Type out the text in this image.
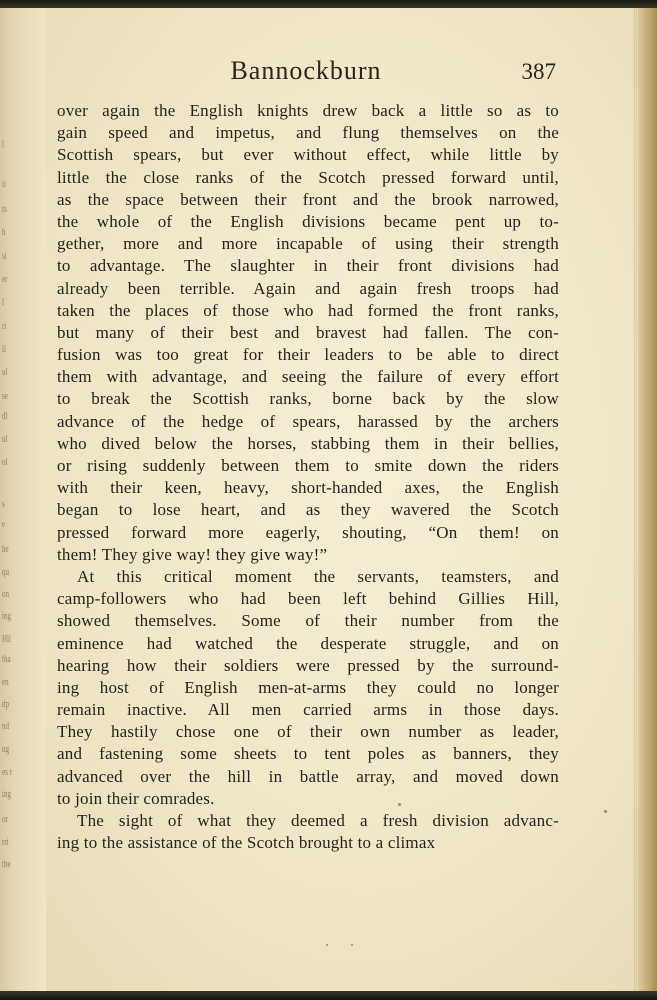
l
ti
ts
h
si
er
l
ri
il
ul
se
dl
ul
ol
s
e
he
qu
on
ing
Hil
tha
en
dp
nd
ug
es r
ing
or
rri
the
Bannockburn	387
over again the English knights drew back a little so as to
gain speed and impetus, and flung themselves on the
Scottish spears, but ever without effect, while little by
little the close ranks of the Scotch pressed forward until,
as the space between their front and the brook narrowed,
the whole of the English divisions became pent up to-
gether, more and more incapable of using their strength
to advantage. The slaughter in their front divisions had
already been terrible. Again and again fresh troops had
taken the places of those who had formed the front ranks,
but many of their best and bravest had fallen. The con-
fusion was too great for their leaders to be able to direct
them with advantage, and seeing the failure of every effort
to break the Scottish ranks, borne back by the slow
advance of the hedge of spears, harassed by the archers
who dived below the horses, stabbing them in their bellies,
or rising suddenly between them to smite down the riders
with their keen, heavy, short-handed axes, the English
began to lose heart, and as they wavered the Scotch
pressed forward more eagerly, shouting, “On them! on
them! They give way! they give way!”
At this critical moment the servants, teamsters, and
camp-followers who had been left behind Gillies Hill,
showed themselves. Some of their number from the
eminence had watched the desperate struggle, and on
hearing how their soldiers were pressed by the surround-
ing host of English men-at-arms they could no longer
remain inactive. All men carried arms in those days.
They hastily chose one of their own number as leader,
and fastening some sheets to tent poles as banners, they
advanced over the hill in battle array, and moved down
to join their comrades.
The sight of what they deemed a fresh division advanc-
ing to the assistance of the Scotch brought to a climax
